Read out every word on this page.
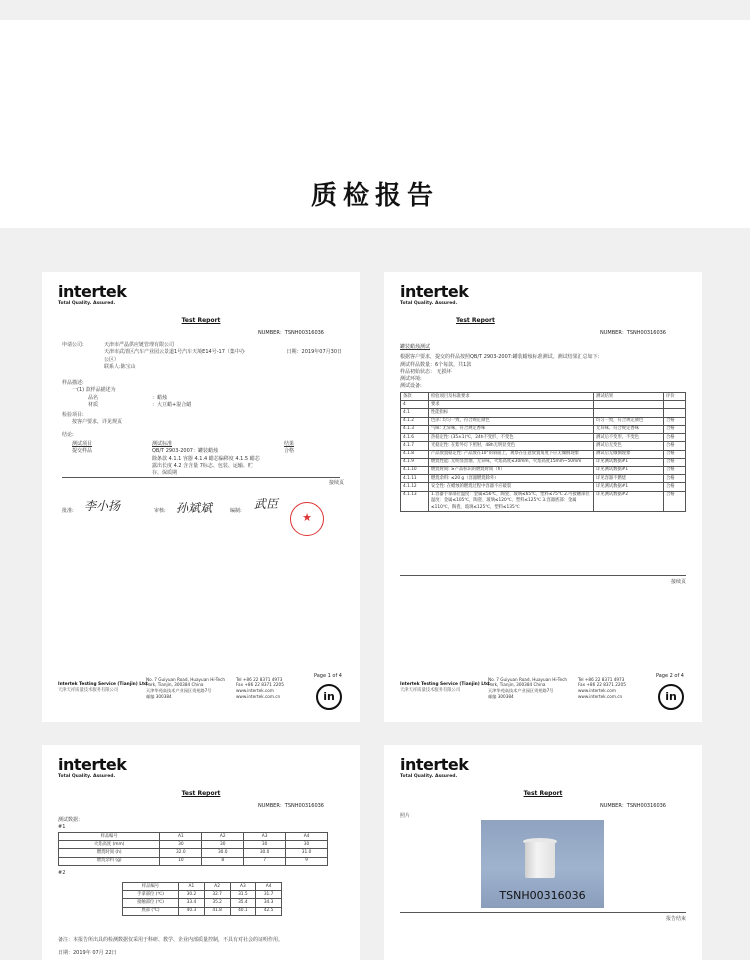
质检报告
intertek
Total Quality. Assured.
Test Report
NUMBER：TSNH00316036
申请公司:	天津市严晶供应链管理有限公司
天津市武清区汽车产业园云景道1号汽车天境E14号-17（集中办
公区）
联系人:陈宝山
日期：2019年07月30日
样品描述:
一(1) 款样品描述为
品名	：蜡烛
材质	：大豆蜡+混合蜡
检验项目:
按客户要求，详见规页
结论:
测试项目	测试标准	结果
提交样品	QB/T 2903-2007：罐装蜡烛
除条款 4.1.1 容器 4.1.4 蜡芯偏移度 4.1.5 蜡芯
露出长度 4.2 含含量 7标志、包装、运输、贮
存、保质期
合格
接续页
批准: 李小扬	审核: 孙斌斌	编制: 武臣
★
Intertek Testing Service (Tianjin) Ltd.
天津天祥质量技术服务有限公司
No. 7 Guiyuan Road, Huayuan Hi-Tech
Park, Tianjin, 300384 China
天津华苑高技术产业园区贵苑路7号
邮编 300384
Tel +86 22 8371 4973
Fax +86 22 8371 2205
www.intertek.com
www.intertek.com.cn
Page 1 of 4
in
intertek
Total Quality. Assured.
Test Report
NUMBER：TSNH00316036
罐装蜡烛测试
根据客户要求，提交的样品按照QB/T 2903-2007:罐装蜡烛标准测试。测试结果汇总如下:
测试样品数量：6个每款，共1款
样品初始状态： 无损坏
测试环境:
测试设备:
条款	检验项目及标准要求	测试结果	评价
4	要求		
4.1	性能指标		
4.1.2	色泽: 均匀一致，符合规定颜色	均匀一致，符合规定颜色	合格
4.1.3	气味: 无异味，符合规定香味	无异味，符合规定香味	合格
4.1.6	热稳定性: (35±1)℃，24h不变形，不变色	测试后不变形，不变色	合格
4.1.7	光稳定性: 在紫外灯下照射，48h无明显变色	测试后无变色	合格
4.1.8	产品放置稳定性: 产品放在10°的斜面上，观察在任意放置角度下应无倾倒现象	测试后无倾倒现象	合格
4.1.9	燃烧性能: 无明显黑烟，无异味，火焰高度≤30mm，火焰高度15mm~50mm	详见测试数据#1	合格
4.1.10	燃烧时间: ≥产品标识的燃烧时间（h）	详见测试数据#1	合格
4.1.11	燃烧余料: ≤20 g（容器燃烧除外）	详见容器不燃烧	合格
4.1.12	安全性: 在蜡烛的燃烧过程中容器不应破裂	详见测试数据#1	合格
4.1.13	1.容器手拿部位温度：金属≤56℃，陶瓷、玻璃≤65℃，塑料≤75℃ 2.可接触部位温度：金属≤105℃，陶瓷、玻璃≤120℃，塑料≤125℃ 3.容器底部：金属≤110℃，陶瓷、玻璃≤125℃，塑料≤135℃	详见测试数据#2	合格
接续页
Intertek Testing Service (Tianjin) Ltd.
天津天祥质量技术服务有限公司
No. 7 Guiyuan Road, Huayuan Hi-Tech
Park, Tianjin, 300384 China
天津华苑高技术产业园区贵苑路7号
邮编 300384
Tel +86 22 8371 4973
Fax +86 22 8371 2205
www.intertek.com
www.intertek.com.cn
Page 2 of 4
in
intertek
Total Quality. Assured.
Test Report
NUMBER：TSNH00316036
测试数据：
#1
样品编号	A1	A2	A3	A4
火焰高度 (mm)	30	30	30	30
燃烧时间 (h)	32.0	30.0	30.0	31.0
燃烧余料 (g)	10	8	7	9
#2
样品编号	A1	A2	A3	A4
手拿部位 (℃)	30.2	32.7	31.5	31.7
接触部位 (℃)	33.4	35.2	35.4	34.3
底部 (℃)	40.3	41.8	40.1	42.5
备注：本报告所出具的检测数据仅采用于科研、教学、企业内部质量控制，不具有对社会的证明作用。
日期：2019年 07月 22日
intertek
Total Quality. Assured.
Test Report
NUMBER：TSNH00316036
照片
TSNH00316036
报告结束
